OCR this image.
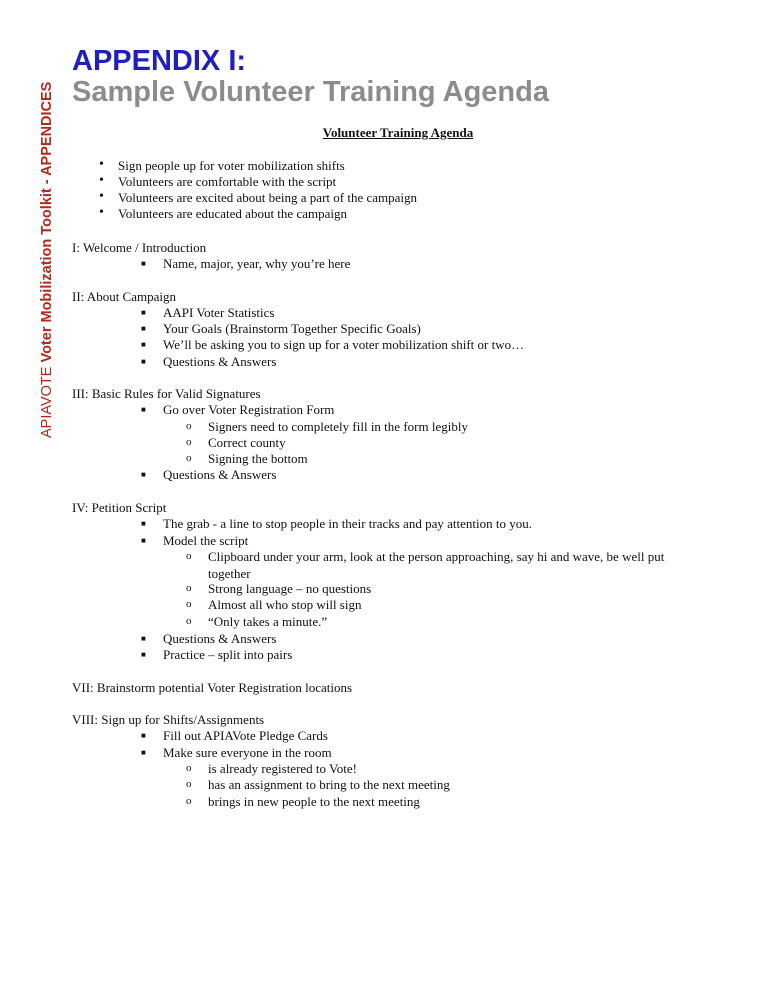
APIAVOTE Voter Mobilization Toolkit - APPENDICES
APPENDIX I:
Sample Volunteer Training Agenda
Volunteer Training Agenda
• Sign people up for voter mobilization shifts
• Volunteers are comfortable with the script
• Volunteers are excited about being a part of the campaign
• Volunteers are educated about the campaign
I: Welcome / Introduction
■ Name, major, year, why you’re here
II: About Campaign
■ AAPI Voter Statistics
■ Your Goals (Brainstorm Together Specific Goals)
■ We’ll be asking you to sign up for a voter mobilization shift or two…
■ Questions & Answers
III: Basic Rules for Valid Signatures
■ Go over Voter Registration Form
o Signers need to completely fill in the form legibly
o Correct county
o Signing the bottom
■ Questions & Answers
IV: Petition Script
■ The grab - a line to stop people in their tracks and pay attention to you.
■ Model the script
o Clipboard under your arm, look at the person approaching, say hi and wave, be well put
together
o Strong language – no questions
o Almost all who stop will sign
o “Only takes a minute.”
■ Questions & Answers
■ Practice – split into pairs
VII: Brainstorm potential Voter Registration locations
VIII: Sign up for Shifts/Assignments
■ Fill out APIAVote Pledge Cards
■ Make sure everyone in the room
o is already registered to Vote!
o has an assignment to bring to the next meeting
o brings in new people to the next meeting
